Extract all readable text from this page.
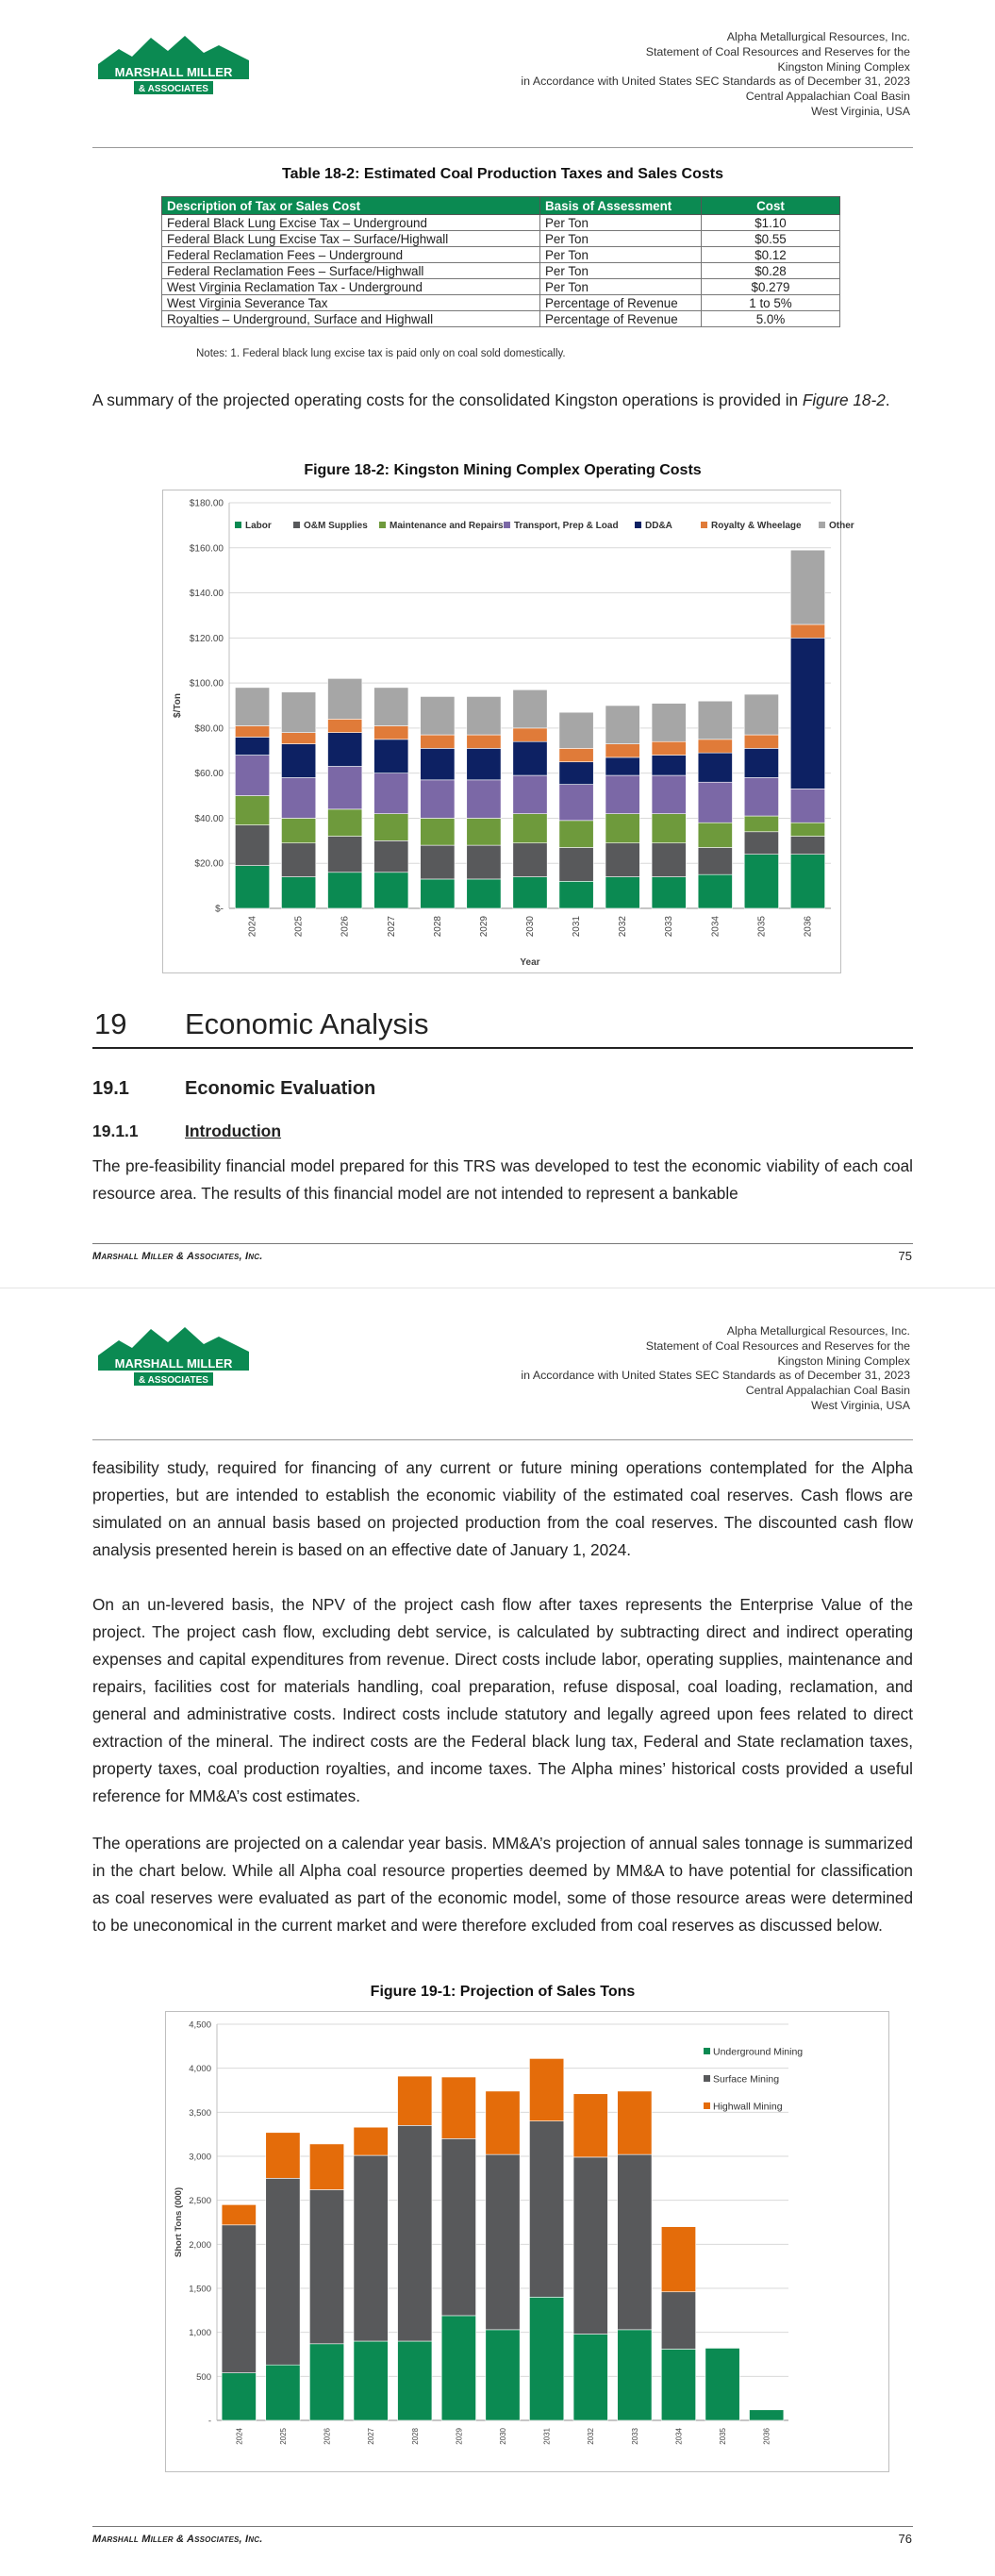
MARSHALL MILLER
& ASSOCIATES
Alpha Metallurgical Resources, Inc.
Statement of Coal Resources and Reserves for the
Kingston Mining Complex
in Accordance with United States SEC Standards as of December 31, 2023
Central Appalachian Coal Basin
West Virginia, USA
Table 18-2: Estimated Coal Production Taxes and Sales Costs
Description of Tax or Sales Cost	Basis of Assessment	Cost
Federal Black Lung Excise Tax – Underground	Per Ton	$1.10
Federal Black Lung Excise Tax – Surface/Highwall	Per Ton	$0.55
Federal Reclamation Fees – Underground	Per Ton	$0.12
Federal Reclamation Fees – Surface/Highwall	Per Ton	$0.28
West Virginia Reclamation Tax - Underground	Per Ton	$0.279
West Virginia Severance Tax	Percentage of Revenue	1 to 5%
Royalties – Underground, Surface and Highwall	Percentage of Revenue	5.0%
Notes: 1. Federal black lung excise tax is paid only on coal sold domestically.
A summary of the projected operating costs for the consolidated Kingston operations is provided in Figure 18-2.
Figure 18-2: Kingston Mining Complex Operating Costs
$-
$20.00
$40.00
$60.00
$80.00
$100.00
$120.00
$140.00
$160.00
$180.00
2024	2025	2026	2027	2028	2029	2030	2031	2032	2033	2034	2035	2036
$/Ton
Year
Labor	O&M Supplies Maintenance and Repairs Transport, Prep & Load	DD&A	Royalty & Wheelage	Other
19 Economic Analysis
19.1	Economic Evaluation
19.1.1	Introduction
The pre-feasibility financial model prepared for this TRS was developed to test the economic viability of each coal resource area. The results of this financial model are not intended to represent a bankable
Marshall Miller & Associates, Inc.	75
MARSHALL MILLER
& ASSOCIATES
Alpha Metallurgical Resources, Inc.
Statement of Coal Resources and Reserves for the
Kingston Mining Complex
in Accordance with United States SEC Standards as of December 31, 2023
Central Appalachian Coal Basin
West Virginia, USA
feasibility study, required for financing of any current or future mining operations contemplated for the Alpha properties, but are intended to establish the economic viability of the estimated coal reserves. Cash flows are simulated on an annual basis based on projected production from the coal reserves. The discounted cash flow analysis presented herein is based on an effective date of January 1, 2024.
On an un-levered basis, the NPV of the project cash flow after taxes represents the Enterprise Value of the project. The project cash flow, excluding debt service, is calculated by subtracting direct and indirect operating expenses and capital expenditures from revenue. Direct costs include labor, operating supplies, maintenance and repairs, facilities cost for materials handling, coal preparation, refuse disposal, coal loading, reclamation, and general and administrative costs. Indirect costs include statutory and legally agreed upon fees related to direct extraction of the mineral. The indirect costs are the Federal black lung tax, Federal and State reclamation taxes, property taxes, coal production royalties, and income taxes. The Alpha mines’ historical costs provided a useful reference for MM&A’s cost estimates.
The operations are projected on a calendar year basis. MM&A’s projection of annual sales tonnage is summarized in the chart below. While all Alpha coal resource properties deemed by MM&A to have potential for classification as coal reserves were evaluated as part of the economic model, some of those resource areas were determined to be uneconomical in the current market and were therefore excluded from coal reserves as discussed below.
Figure 19-1: Projection of Sales Tons
-
500
1,000
1,500
2,000
2,500
3,000
3,500
4,000
4,500
2024	2025	2026	2027	2028	2029	2030	2031	2032	2033	2034	2035	2036
Short Tons (000)
Underground Mining
Surface Mining
Highwall Mining
Marshall Miller & Associates, Inc.	76
